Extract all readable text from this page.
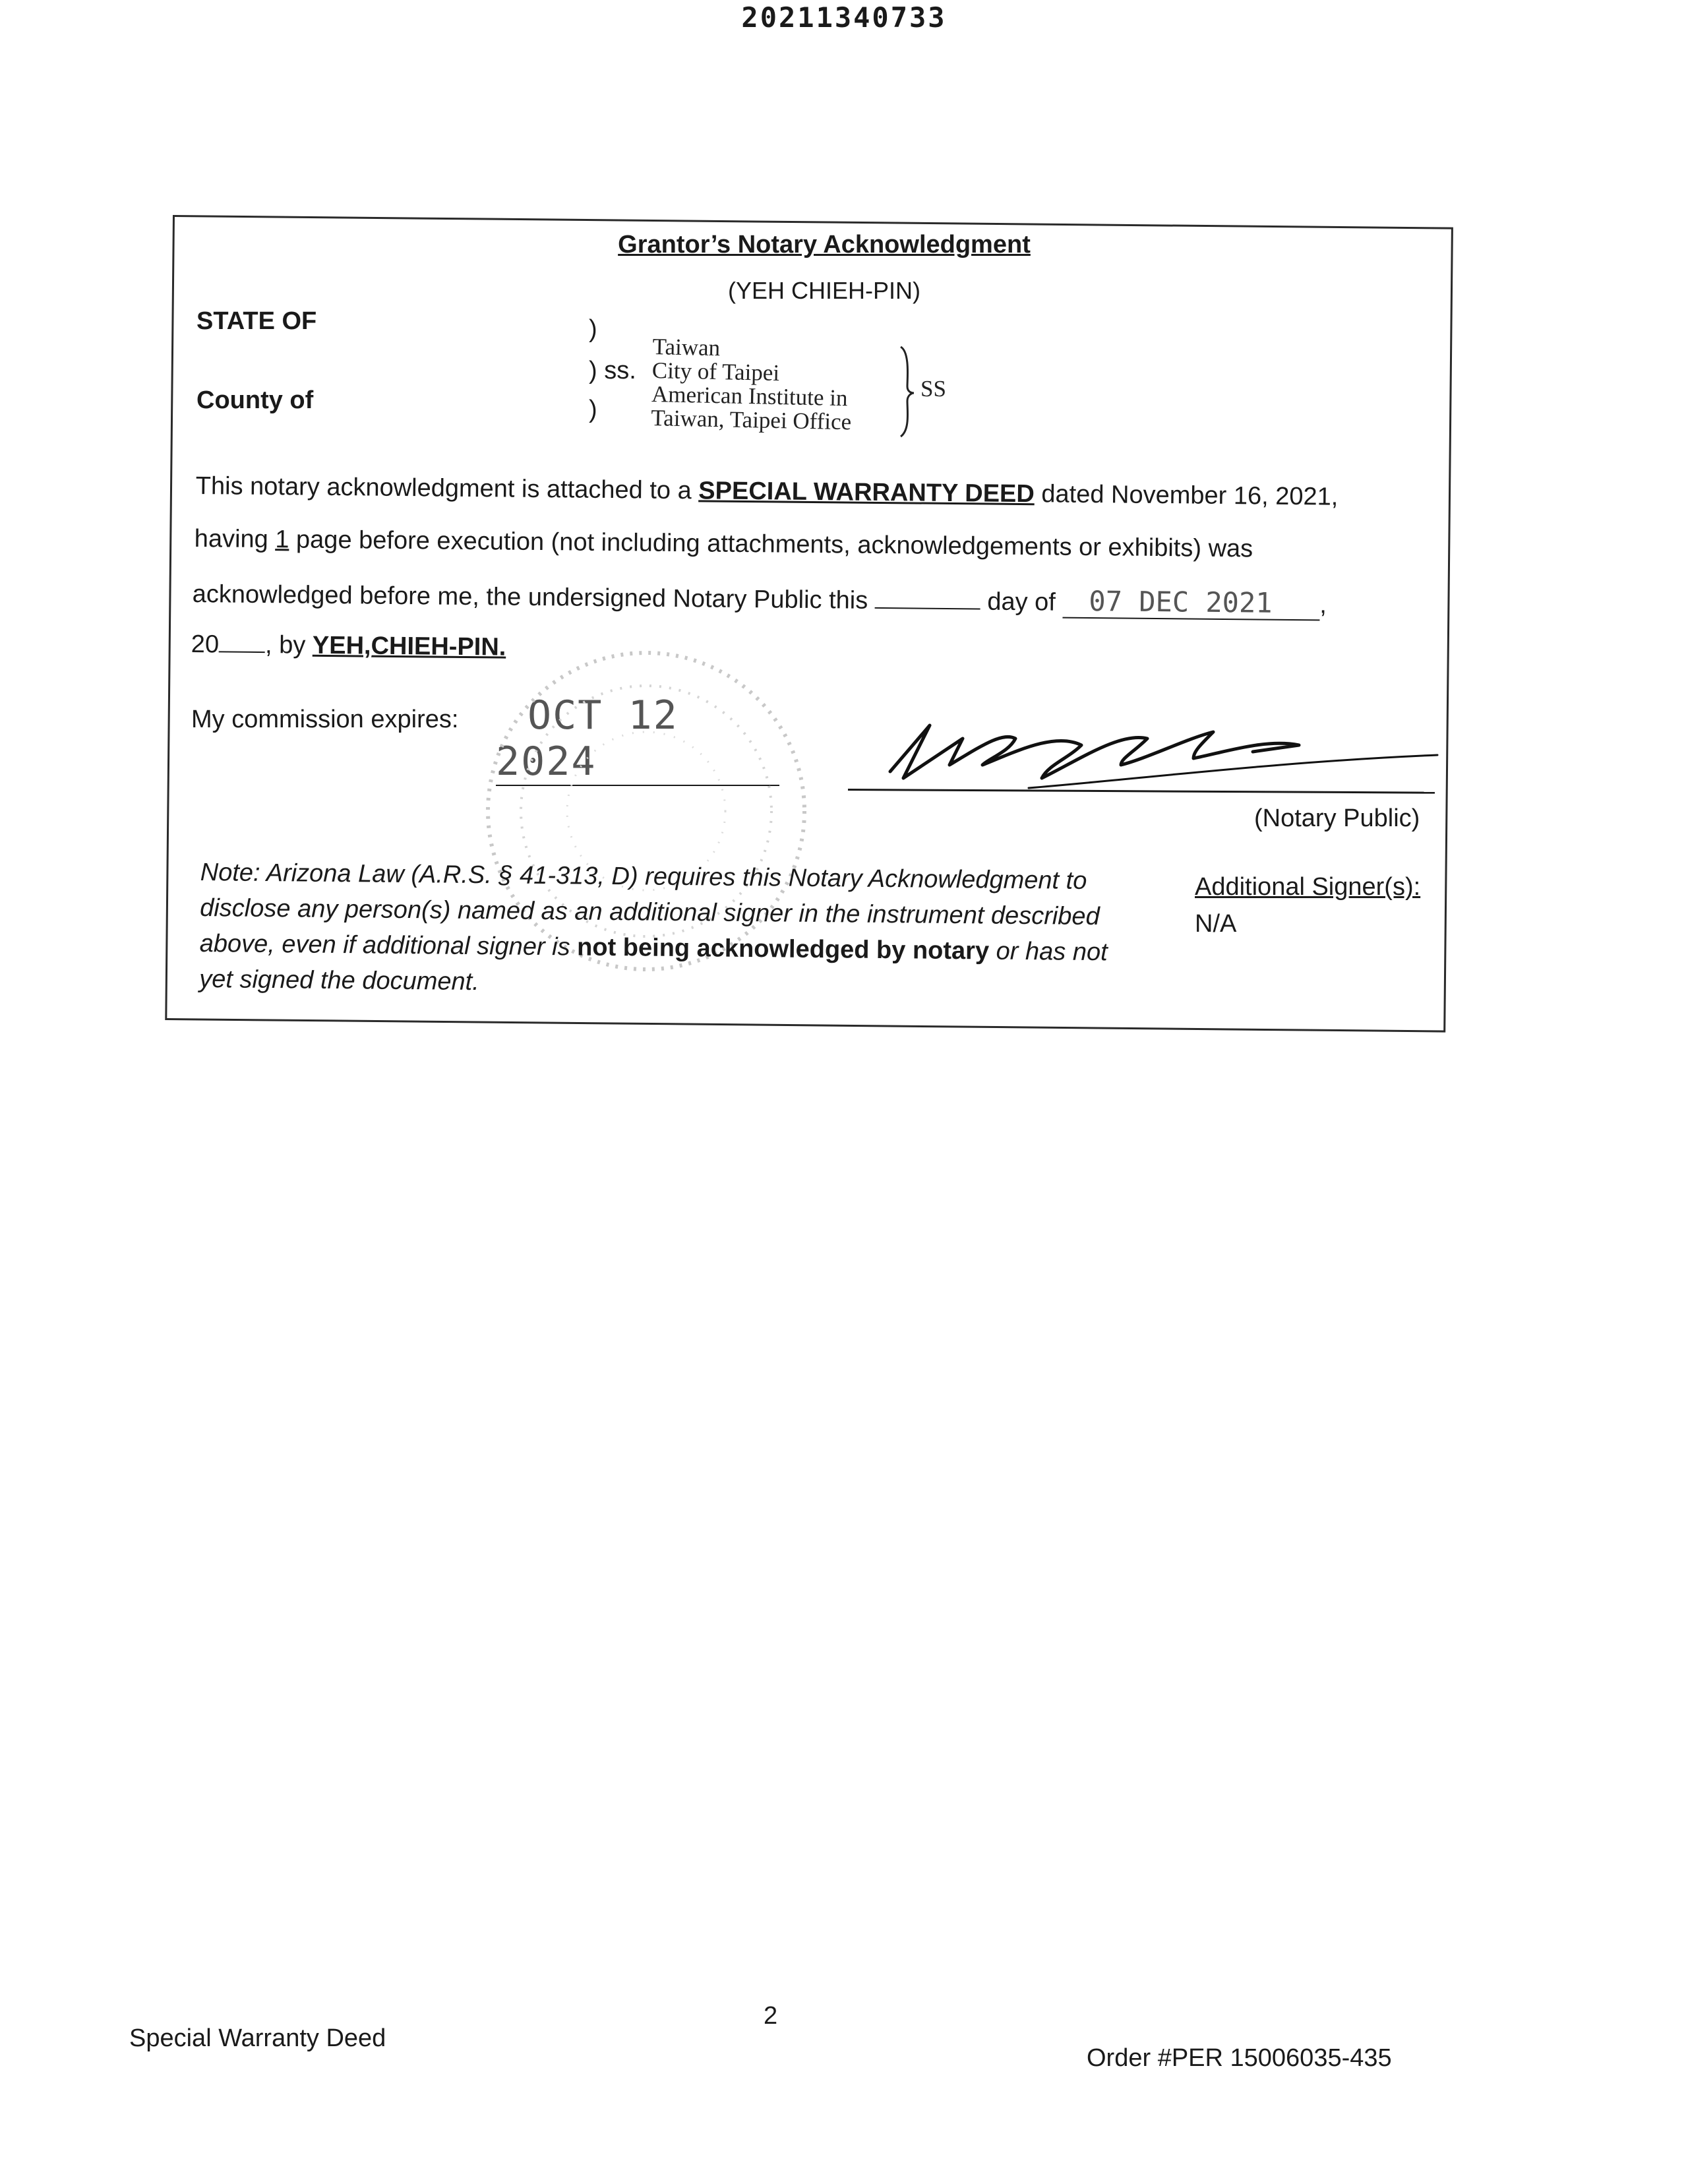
20211340733
Grantor’s Notary Acknowledgment
(YEH CHIEH-PIN)
STATE OF
County of
)
) ss.
)
Taiwan
City of Taipei
American Institute in
Taiwan, Taipei Office
SS
This notary acknowledgment is attached to a SPECIAL WARRANTY DEED dated November 16, 2021,
having 1 page before execution (not including attachments, acknowledgements or exhibits) was
acknowledged before me, the undersigned Notary Public this	day of 07 DEC 2021 ,
20 , by YEH,CHIEH-PIN.
My commission expires:	OCT 12 2024
(Notary Public)
Note: Arizona Law (A.R.S. § 41-313, D) requires this Notary Acknowledgment to
disclose any person(s) named as an additional signer in the instrument described
above, even if additional signer is not being acknowledged by notary or has not
yet signed the document.
Additional Signer(s):
N/A
2
Special Warranty Deed
Order #PER 15006035-435
